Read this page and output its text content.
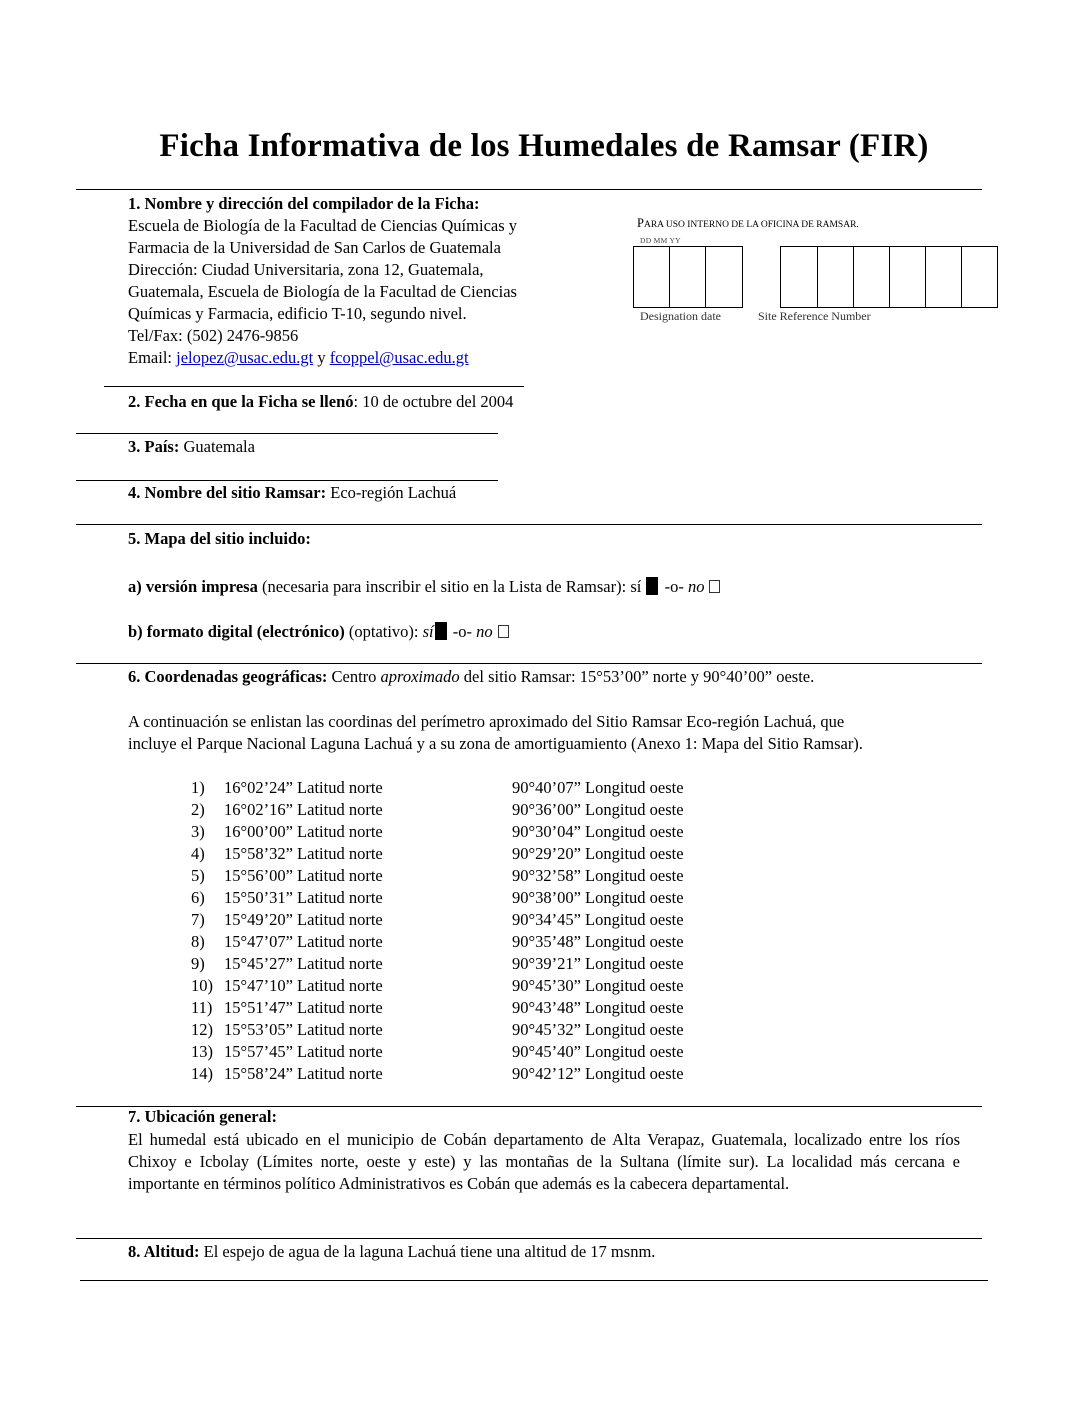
Ficha Informativa de los Humedales de Ramsar (FIR)
1. Nombre y dirección del compilador de la Ficha:
Escuela de Biología de la Facultad de Ciencias Químicas y
Farmacia de la Universidad de San Carlos de Guatemala
Dirección: Ciudad Universitaria, zona 12, Guatemala,
Guatemala, Escuela de Biología de la Facultad de Ciencias
Químicas y Farmacia, edificio T-10, segundo nivel.
Tel/Fax: (502) 2476-9856
Email: jelopez@usac.edu.gt y fcoppel@usac.edu.gt
PARA USO INTERNO DE LA OFICINA DE RAMSAR.
DD MM YY
Designation date	Site Reference Number
2. Fecha en que la Ficha se llenó: 10 de octubre del 2004
3. País: Guatemala
4. Nombre del sitio Ramsar: Eco-región Lachuá
5. Mapa del sitio incluido:
a) versión impresa (necesaria para inscribir el sitio en la Lista de Ramsar): sí  -o- no
b) formato digital (electrónico) (optativo): sí -o- no
6. Coordenadas geográficas: Centro aproximado del sitio Ramsar: 15°53’00” norte y 90°40’00” oeste.
A continuación se enlistan las coordinas del perímetro aproximado del Sitio Ramsar Eco-región Lachuá, que
incluye el Parque Nacional Laguna Lachuá y a su zona de amortiguamiento (Anexo 1: Mapa del Sitio Ramsar).
1) 16°02’24” Latitud norte	90°40’07” Longitud oeste
2) 16°02’16” Latitud norte	90°36’00” Longitud oeste
3) 16°00’00” Latitud norte	90°30’04” Longitud oeste
4) 15°58’32” Latitud norte	90°29’20” Longitud oeste
5) 15°56’00” Latitud norte	90°32’58” Longitud oeste
6) 15°50’31” Latitud norte	90°38’00” Longitud oeste
7) 15°49’20” Latitud norte	90°34’45” Longitud oeste
8) 15°47’07” Latitud norte	90°35’48” Longitud oeste
9) 15°45’27” Latitud norte	90°39’21” Longitud oeste
10) 15°47’10” Latitud norte	90°45’30” Longitud oeste
11) 15°51’47” Latitud norte	90°43’48” Longitud oeste
12) 15°53’05” Latitud norte	90°45’32” Longitud oeste
13) 15°57’45” Latitud norte	90°45’40” Longitud oeste
14) 15°58’24” Latitud norte	90°42’12” Longitud oeste
7. Ubicación general:
El humedal está ubicado en el municipio de Cobán departamento de Alta Verapaz, Guatemala, localizado entre los ríos Chixoy e Icbolay (Límites norte, oeste y este) y las montañas de la Sultana (límite sur). La localidad más cercana e importante en términos político Administrativos es Cobán que además es la cabecera departamental.
8. Altitud: El espejo de agua de la laguna Lachuá tiene una altitud de 17 msnm.
